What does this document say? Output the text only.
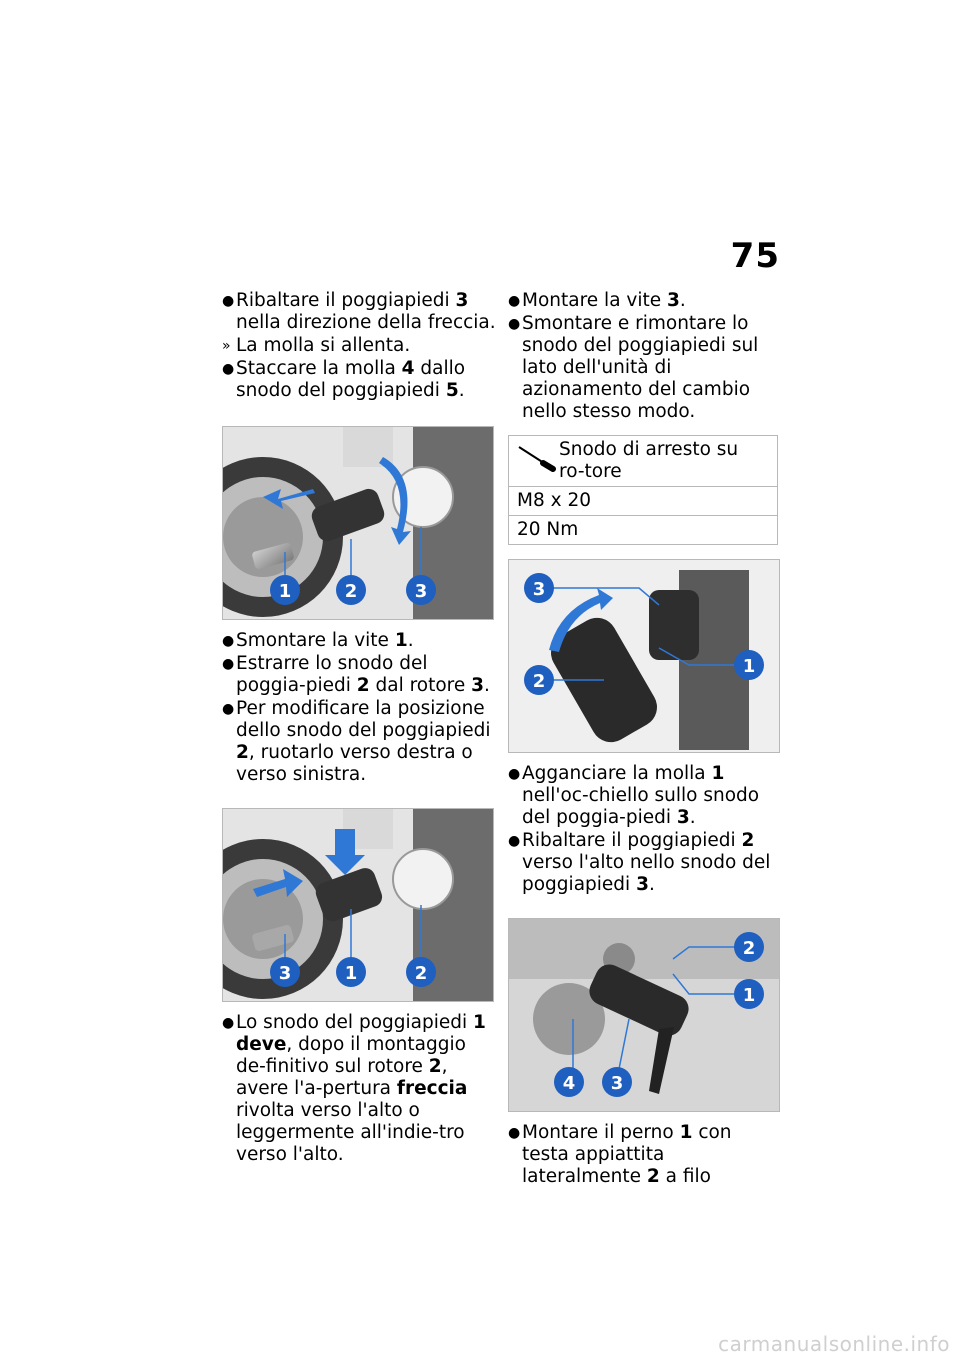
75

● Ribaltare il poggiapiedi 3 nella direzione della freccia.

» La molla si allenta.

● Staccare la molla 4 dallo snodo del poggiapiedi 5.

1	2	3

● Smontare la vite 1.

● Estrarre lo snodo del poggia-piedi 2 dal rotore 3.

● Per modificare la posizione dello snodo del poggiapiedi 2, ruotarlo verso destra o verso sinistra.

3	1	2

● Lo snodo del poggiapiedi 1 deve, dopo il montaggio de-finitivo sul rotore 2, avere l'a-pertura freccia rivolta verso l'alto o leggermente all'indie-tro verso l'alto.

● Montare la vite 3.

● Smontare e rimontare lo snodo del poggiapiedi sul lato dell'unità di azionamento del cambio nello stesso modo.

Snodo di arresto su ro-tore

M8 x 20
20 Nm
3
2
1

● Agganciare la molla 1 nell'oc-chiello sullo snodo del poggia-piedi 3.

● Ribaltare il poggiapiedi 2 verso l'alto nello snodo del poggiapiedi 3.

2
1
4 3

● Montare il perno 1 con testa appiattita lateralmente 2 a filo

carmanualsonline.info
